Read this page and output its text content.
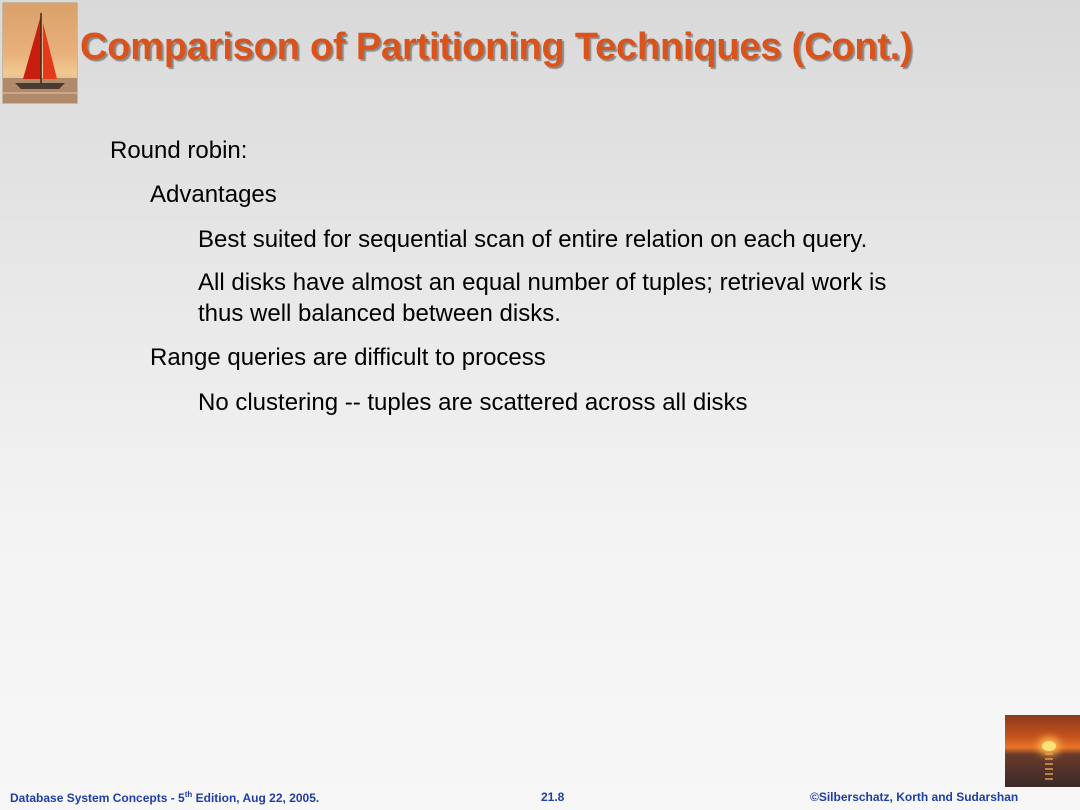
Comparison of Partitioning Techniques (Cont.)
Round robin:
Advantages
Best suited for sequential scan of entire relation on each query.
All disks have almost an equal number of tuples; retrieval work is
thus well balanced between disks.
Range queries are difficult to process
No clustering -- tuples are scattered across all disks
Database System Concepts - 5th Edition, Aug 22, 2005.	21.8	©Silberschatz, Korth and Sudarshan
